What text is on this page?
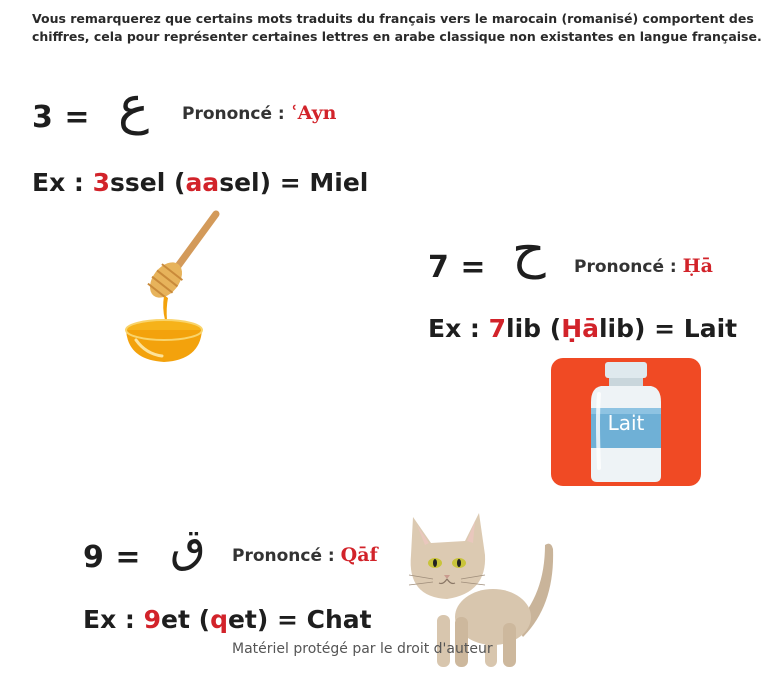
Vous remarquerez que certains mots traduits du français vers le marocain (romanisé) comportent des chiffres, cela pour représenter certaines lettres en arabe classique non existantes en langue française.
3 = ع Prononcé : ʿAyn
Ex : 3ssel (aasel) = Miel
7 = ح Prononcé : Ḥā
Ex : 7lib (Ḥālib) = Lait
Lait
9 = ق Prononcé : Qāf
Ex : 9et (qet) = Chat
Matériel protégé par le droit d'auteur
